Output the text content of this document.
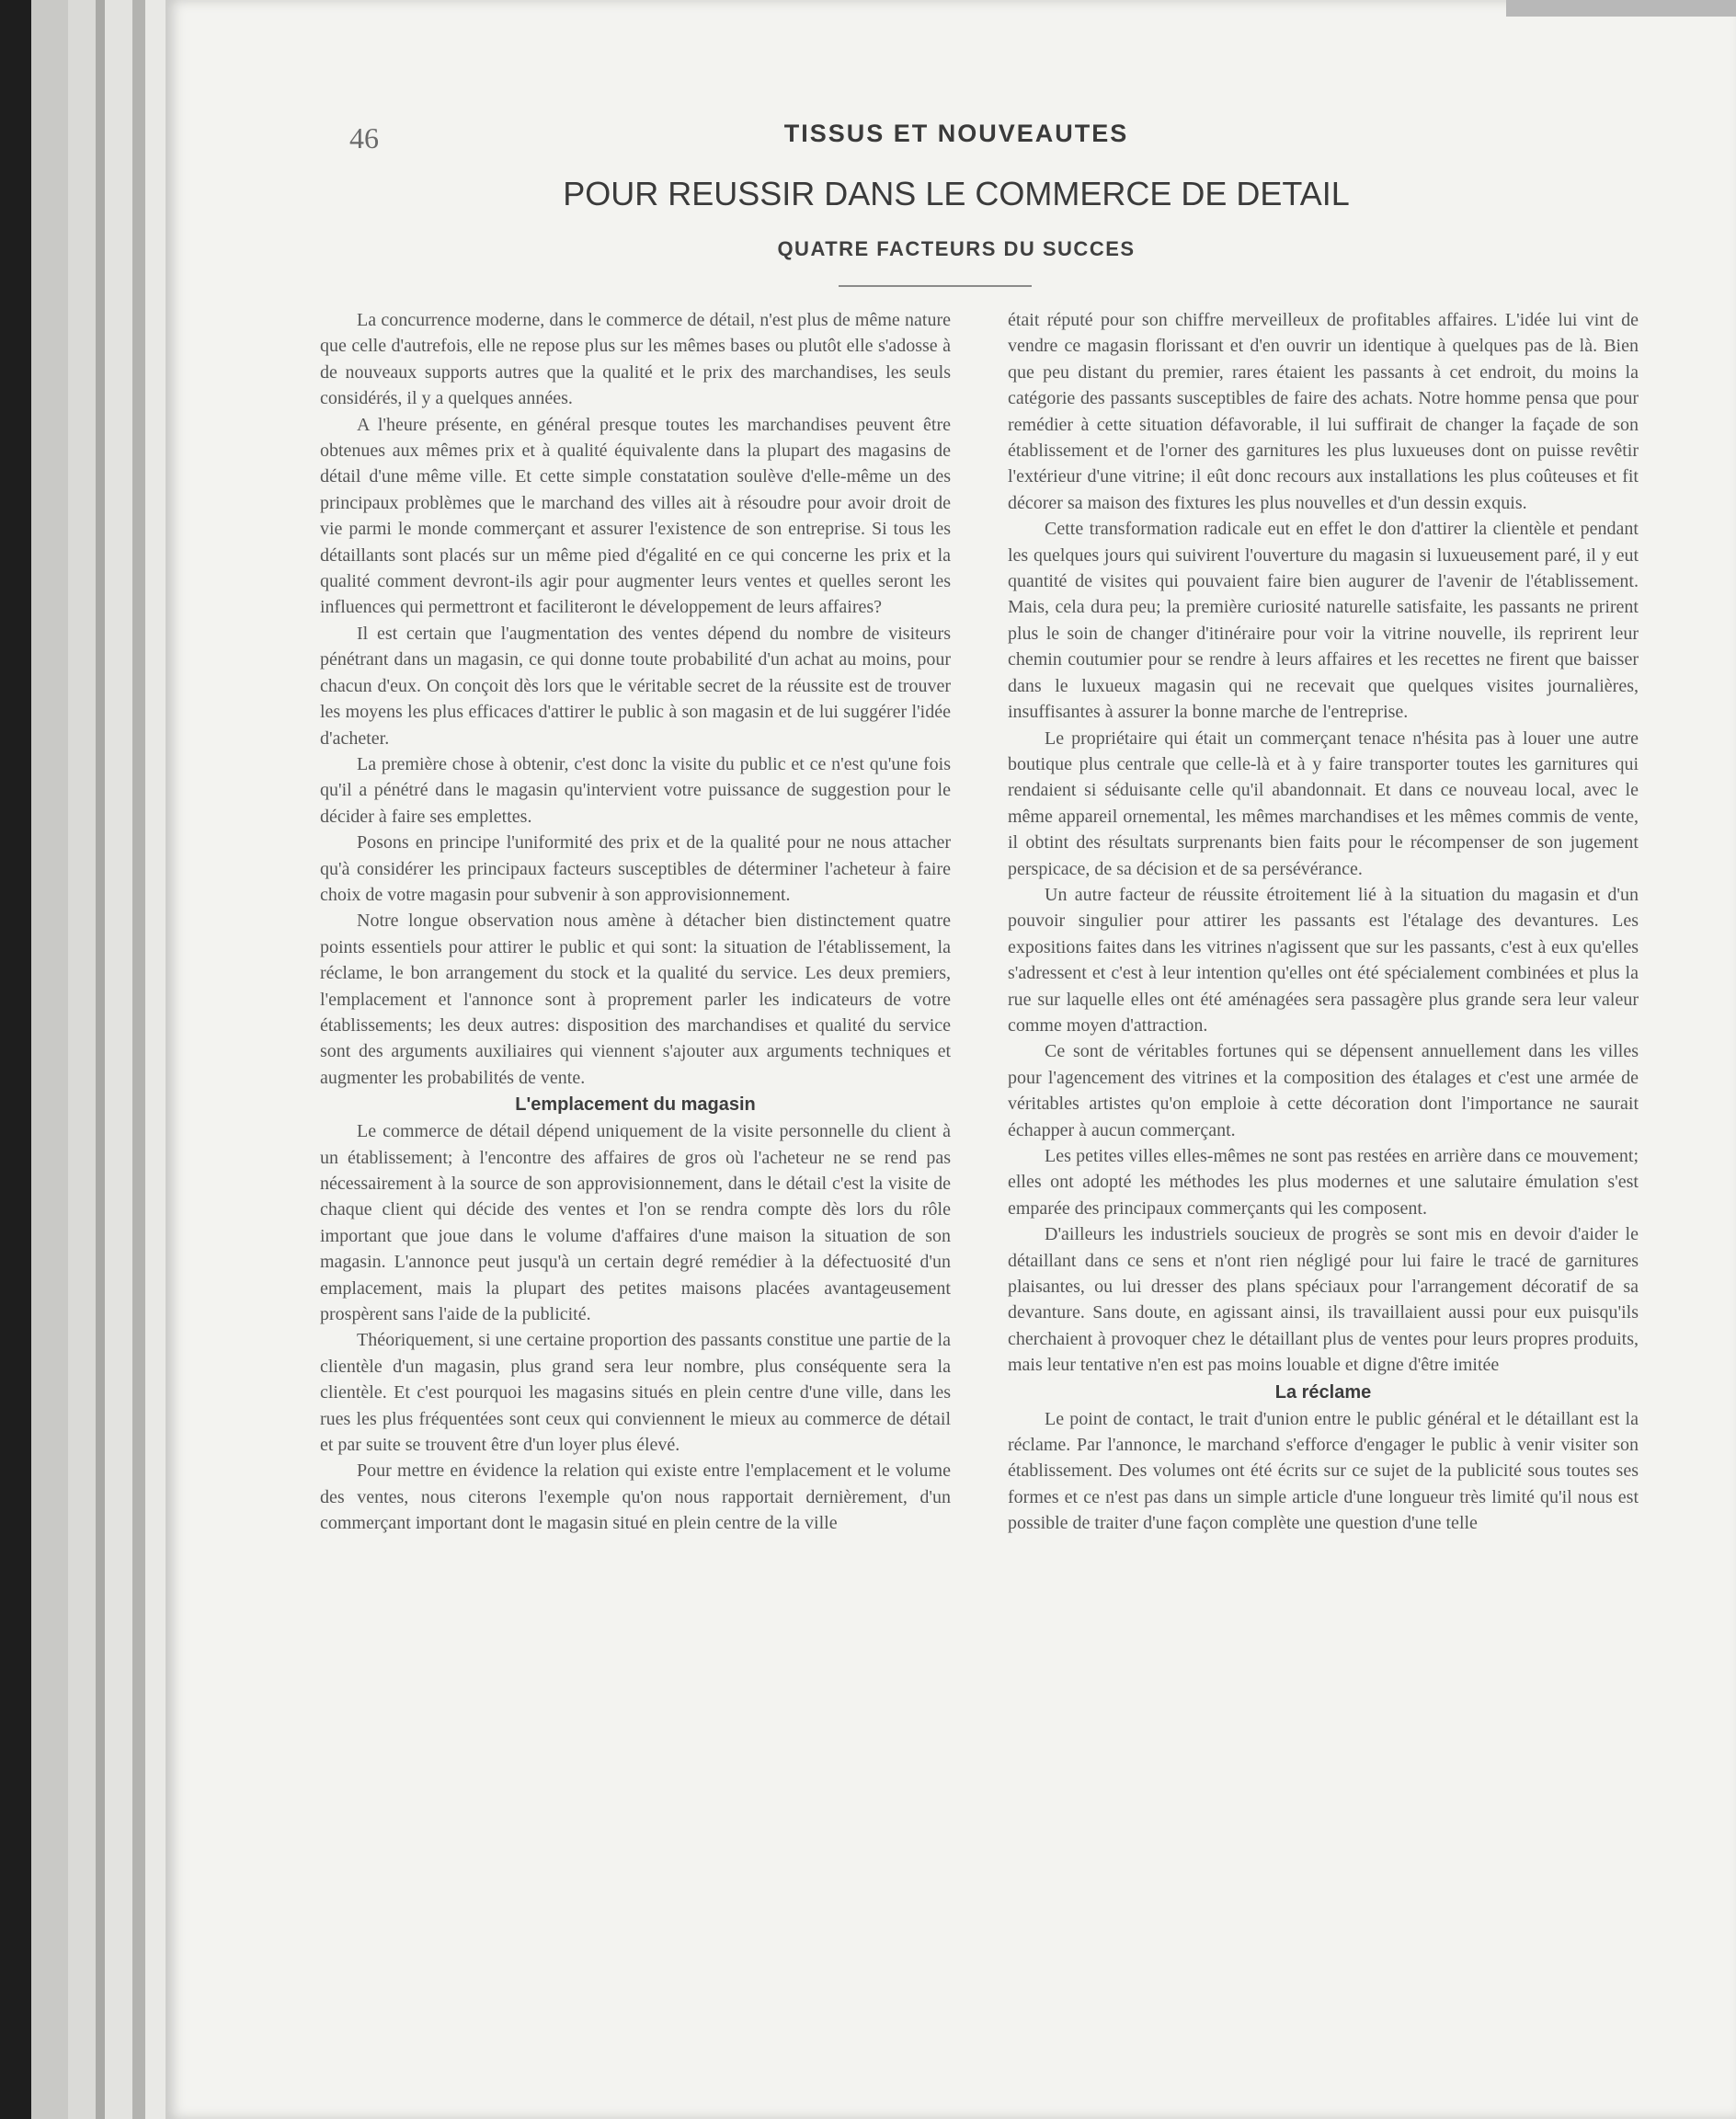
46	TISSUS ET NOUVEAUTES
POUR REUSSIR DANS LE COMMERCE DE DETAIL
QUATRE FACTEURS DU SUCCES

La concurrence moderne, dans le commerce de détail, n'est plus de même nature que celle d'autrefois, elle ne repose plus sur les mêmes bases ou plutôt elle s'adosse à de nouveaux supports autres que la qualité et le prix des marchandises, les seuls considérés, il y a quelques années.

A l'heure présente, en général presque toutes les marchandises peuvent être obtenues aux mêmes prix et à qualité équivalente dans la plupart des magasins de détail d'une même ville. Et cette simple constatation soulève d'elle-même un des principaux problèmes que le marchand des villes ait à résoudre pour avoir droit de vie parmi le monde commerçant et assurer l'existence de son entreprise. Si tous les détaillants sont placés sur un même pied d'égalité en ce qui concerne les prix et la qualité comment devront-ils agir pour augmenter leurs ventes et quelles seront les influences qui permettront et faciliteront le développement de leurs affaires?

Il est certain que l'augmentation des ventes dépend du nombre de visiteurs pénétrant dans un magasin, ce qui donne toute probabilité d'un achat au moins, pour chacun d'eux. On conçoit dès lors que le véritable secret de la réussite est de trouver les moyens les plus efficaces d'attirer le public à son magasin et de lui suggérer l'idée d'acheter.

La première chose à obtenir, c'est donc la visite du public et ce n'est qu'une fois qu'il a pénétré dans le magasin qu'intervient votre puissance de suggestion pour le décider à faire ses emplettes.

Posons en principe l'uniformité des prix et de la qualité pour ne nous attacher qu'à considérer les principaux facteurs susceptibles de déterminer l'acheteur à faire choix de votre magasin pour subvenir à son approvisionnement.

Notre longue observation nous amène à détacher bien distinctement quatre points essentiels pour attirer le public et qui sont: la situation de l'établissement, la réclame, le bon arrangement du stock et la qualité du service. Les deux premiers, l'emplacement et l'annonce sont à proprement parler les indicateurs de votre établissements; les deux autres: disposition des marchandises et qualité du service sont des arguments auxiliaires qui viennent s'ajouter aux arguments techniques et augmenter les probabilités de vente.

L'emplacement du magasin

Le commerce de détail dépend uniquement de la visite personnelle du client à un établissement; à l'encontre des affaires de gros où l'acheteur ne se rend pas nécessairement à la source de son approvisionnement, dans le détail c'est la visite de chaque client qui décide des ventes et l'on se rendra compte dès lors du rôle important que joue dans le volume d'affaires d'une maison la situation de son magasin. L'annonce peut jusqu'à un certain degré remédier à la défectuosité d'un emplacement, mais la plupart des petites maisons placées avantageusement prospèrent sans l'aide de la publicité.

Théoriquement, si une certaine proportion des passants constitue une partie de la clientèle d'un magasin, plus grand sera leur nombre, plus conséquente sera la clientèle. Et c'est pourquoi les magasins situés en plein centre d'une ville, dans les rues les plus fréquentées sont ceux qui conviennent le mieux au commerce de détail et par suite se trouvent être d'un loyer plus élevé.

Pour mettre en évidence la relation qui existe entre l'emplacement et le volume des ventes, nous citerons l'exemple qu'on nous rapportait dernièrement, d'un commerçant important dont le magasin situé en plein centre de la ville

était réputé pour son chiffre merveilleux de profitables affaires. L'idée lui vint de vendre ce magasin florissant et d'en ouvrir un identique à quelques pas de là. Bien que peu distant du premier, rares étaient les passants à cet endroit, du moins la catégorie des passants susceptibles de faire des achats. Notre homme pensa que pour remédier à cette situation défavorable, il lui suffirait de changer la façade de son établissement et de l'orner des garnitures les plus luxueuses dont on puisse revêtir l'extérieur d'une vitrine; il eût donc recours aux installations les plus coûteuses et fit décorer sa maison des fixtures les plus nouvelles et d'un dessin exquis.

Cette transformation radicale eut en effet le don d'attirer la clientèle et pendant les quelques jours qui suivirent l'ouverture du magasin si luxueusement paré, il y eut quantité de visites qui pouvaient faire bien augurer de l'avenir de l'établissement. Mais, cela dura peu; la première curiosité naturelle satisfaite, les passants ne prirent plus le soin de changer d'itinéraire pour voir la vitrine nouvelle, ils reprirent leur chemin coutumier pour se rendre à leurs affaires et les recettes ne firent que baisser dans le luxueux magasin qui ne recevait que quelques visites journalières, insuffisantes à assurer la bonne marche de l'entreprise.

Le propriétaire qui était un commerçant tenace n'hésita pas à louer une autre boutique plus centrale que celle-là et à y faire transporter toutes les garnitures qui rendaient si séduisante celle qu'il abandonnait. Et dans ce nouveau local, avec le même appareil ornemental, les mêmes marchandises et les mêmes commis de vente, il obtint des résultats surprenants bien faits pour le récompenser de son jugement perspicace, de sa décision et de sa persévérance.

Un autre facteur de réussite étroitement lié à la situation du magasin et d'un pouvoir singulier pour attirer les passants est l'étalage des devantures. Les expositions faites dans les vitrines n'agissent que sur les passants, c'est à eux qu'elles s'adressent et c'est à leur intention qu'elles ont été spécialement combinées et plus la rue sur laquelle elles ont été aménagées sera passagère plus grande sera leur valeur comme moyen d'attraction.

Ce sont de véritables fortunes qui se dépensent annuellement dans les villes pour l'agencement des vitrines et la composition des étalages et c'est une armée de véritables artistes qu'on emploie à cette décoration dont l'importance ne saurait échapper à aucun commerçant.

Les petites villes elles-mêmes ne sont pas restées en arrière dans ce mouvement; elles ont adopté les méthodes les plus modernes et une salutaire émulation s'est emparée des principaux commerçants qui les composent.

D'ailleurs les industriels soucieux de progrès se sont mis en devoir d'aider le détaillant dans ce sens et n'ont rien négligé pour lui faire le tracé de garnitures plaisantes, ou lui dresser des plans spéciaux pour l'arrangement décoratif de sa devanture. Sans doute, en agissant ainsi, ils travaillaient aussi pour eux puisqu'ils cherchaient à provoquer chez le détaillant plus de ventes pour leurs propres produits, mais leur tentative n'en est pas moins louable et digne d'être imitée

La réclame

Le point de contact, le trait d'union entre le public général et le détaillant est la réclame. Par l'annonce, le marchand s'efforce d'engager le public à venir visiter son établissement. Des volumes ont été écrits sur ce sujet de la publicité sous toutes ses formes et ce n'est pas dans un simple article d'une longueur très limité qu'il nous est possible de traiter d'une façon complète une question d'une telle
